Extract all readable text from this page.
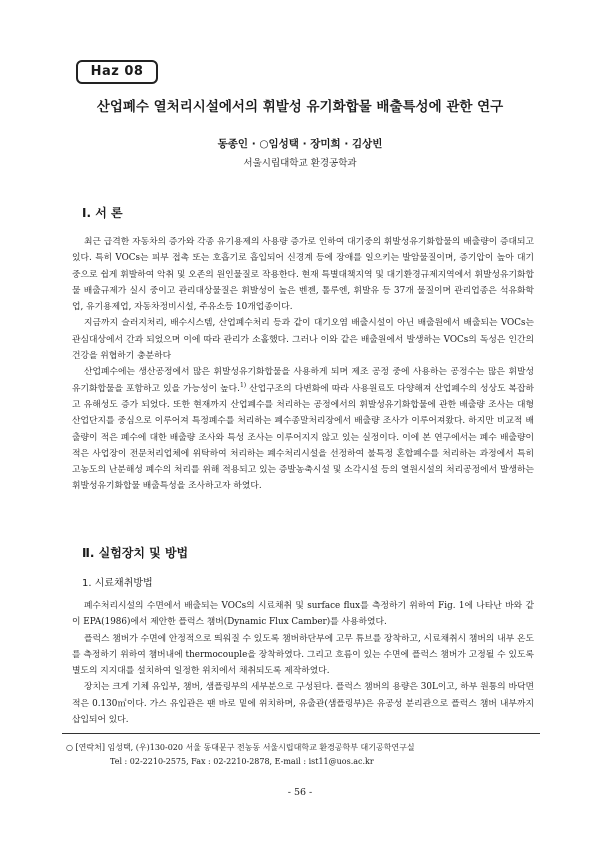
Haz 08
산업폐수 열처리시설에서의 휘발성 유기화합물 배출특성에 관한 연구
동종인 · ○임성택 · 장미희 · 김상빈
서울시립대학교 환경공학과
Ⅰ. 서 론

최근 급격한 자동차의 증가와 각종 유기용제의 사용량 증가로 인하여 대기중의 휘발성유기화합물의 배출량이 증대되고 있다. 특히 VOCs는 피부 접촉 또는 호흡기로 흡입되어 신경계 등에 장애를 일으키는 발암물질이며, 증기압이 높아 대기 중으로 쉽게 휘발하여 악취 및 오존의 원인물질로 작용한다. 현재 특별대책지역 및 대기환경규제지역에서 휘발성유기화합물 배출규제가 실시 중이고 관리대상물질은 휘발성이 높은 벤젠, 톨루엔, 휘발유 등 37개 물질이며 관리업종은 석유화학업, 유기용제업, 자동차정비시설, 주유소등 10개업종이다.

지금까지 슬러지처리, 배수시스템, 산업폐수처리 등과 같이 대기오염 배출시설이 아닌 배출원에서 배출되는 VOCs는 관심대상에서 간과 되었으며 이에 따라 관리가 소홀했다. 그러나 이와 같은 배출원에서 발생하는 VOCs의 독성은 인간의 건강을 위협하기 충분하다

산업폐수에는 생산공정에서 많은 휘발성유기화합물을 사용하게 되며 제조 공정 중에 사용하는 공정수는 많은 휘발성 유기화합물을 포함하고 있을 가능성이 높다.$^{1)}$ 산업구조의 다변화에 따라 사용원료도 다양해져 산업폐수의 성상도 복잡하고 유해성도 증가 되었다. 또한 현재까지 산업폐수를 처리하는 공정에서의 휘발성유기화합물에 관한 배출량 조사는 대형산업단지를 중심으로 이루어져 특정폐수를 처리하는 폐수종말처리장에서 배출량 조사가 이루어져왔다. 하지만 비교적 배출량이 적은 폐수에 대한 배출량 조사와 특성 조사는 이루어지지 않고 있는 실정이다. 이에 본 연구에서는 폐수 배출량이 적은 사업장이 전문처리업체에 위탁하여 처리하는 폐수처리시설을 선정하여 불특정 혼합폐수를 처리하는 과정에서 특히 고농도의 난분해성 폐수의 처리를 위해 적용되고 있는 증발농축시설 및 소각시설 등의 열원시설의 처리공정에서 발생하는 휘발성유기화합물 배출특성을 조사하고자 하였다.

Ⅱ. 실험장치 및 방법
1. 시료채취방법

폐수처리시설의 수면에서 배출되는 VOCs의 시료채취 및 surface flux를 측정하기 위하여 Fig. 1에 나타난 바와 같이 EPA(1986)에서 제안한 플럭스 챔버(Dynamic Flux Camber)를 사용하였다.

플럭스 챔버가 수면에 안정적으로 띄워질 수 있도록 챔버하단부에 고무 튜브를 장착하고, 시료채취시 챔버의 내부 온도를 측정하기 위하여 챔버내에 thermocouple을 장착하였다. 그리고 흐름이 있는 수면에 플럭스 챔버가 고정될 수 있도록 별도의 지지대를 설치하여 일정한 위치에서 채취되도록 제작하였다.

장치는 크게 기체 유입부, 챔버, 샘플링부의 세부분으로 구성된다. 플럭스 챔버의 용량은 30L이고, 하부 원통의 바닥면적은 0.130㎡이다. 가스 유입관은 팬 바로 밑에 위치하며, 유출관(샘플링부)은 유공성 분리관으로 플럭스 챔버 내부까지 삽입되어 있다.

○ [연락처] 임성택, (우)130-020 서울 동대문구 전농동 서울시립대학교 환경공학부 대기공학연구실
Tel : 02-2210-2575, Fax : 02-2210-2878, E-mail : ist11@uos.ac.kr
- 56 -
